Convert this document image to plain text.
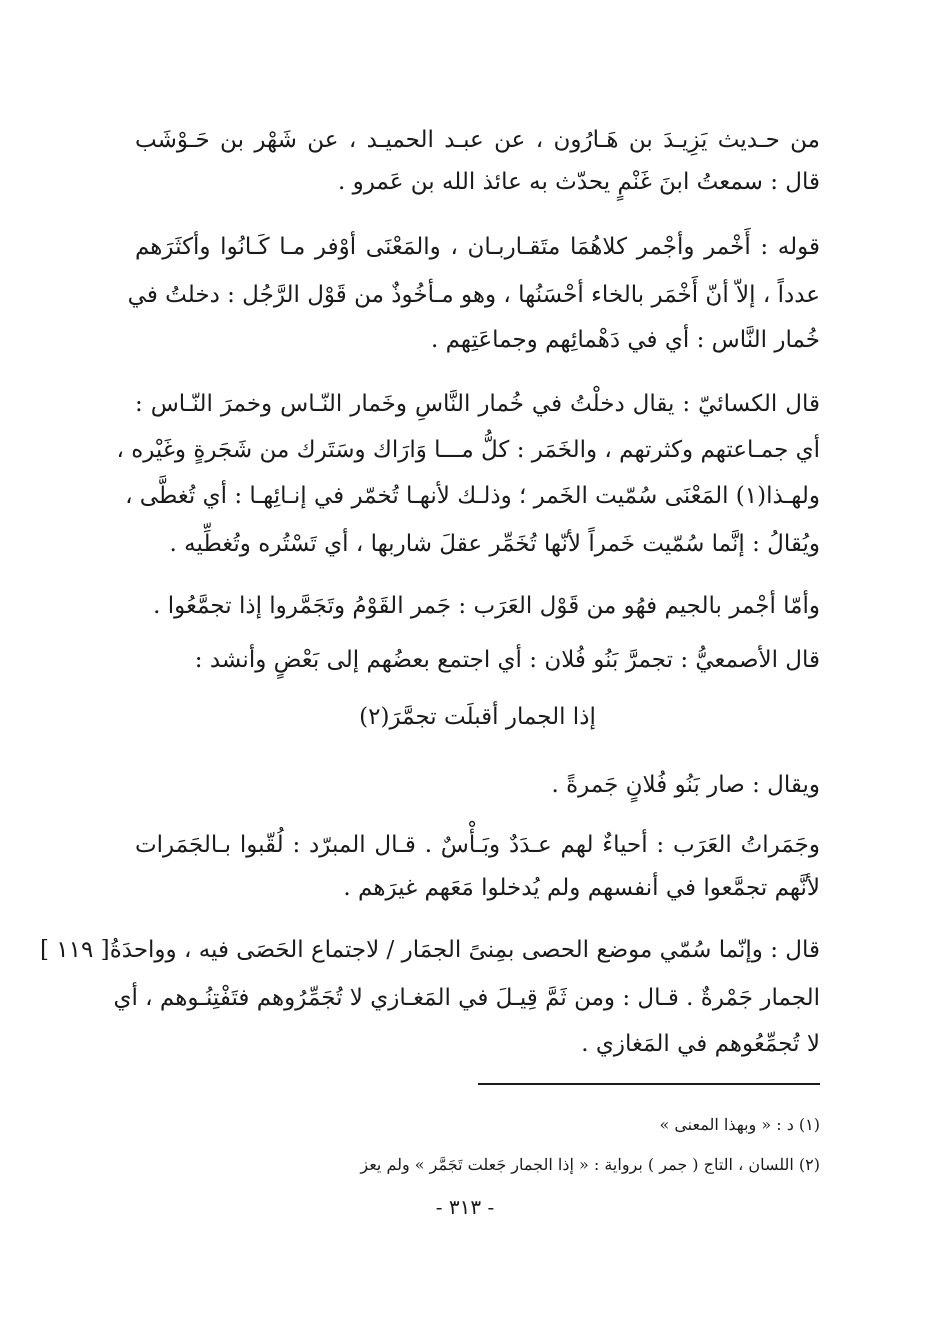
من حـديث يَزِيـدَ بن هَـارُون ، عن عبـد الحميـد ، عن شَهْر بن حَـوْشَب
قال : سمعتُ ابنَ غَنْمٍ يحدّث به عائذ الله بن عَمرو .
قوله : أَخْمر وأجْمر كلاهُمَا متَقـاربـان ، والمَعْنَى أوْفر مـا كَـانُوا وأكثَرَهم
عدداً ، إلاّ أنّ أَخْمَر بالخاء أحْسَنُها ، وهو مـأخُوذٌ من قَوْل الرَّجُل : دخلتُ في
خُمار النَّاس : أي في دَهْمائِهم وجماعَتِهم .
قال الكسائيّ : يقال دخلْتُ في خُمار النَّاسِ وخَمار النّـاس وخمرَ النّـاس :
أي جمـاعتهم وكثرتهم ، والخَمَر : كلُّ مـــا وَارَاك وسَتَرك من شَجَرةٍ وغَيْره ،
ولهـذا(١) المَعْنَى سُمّيت الخَمر ؛ وذلـك لأنهـا تُخمّر في إنـائِهـا : أي تُغطَّى ،
ويُقالُ : إنَّما سُمّيت خَمراً لأنّها تُخَمِّر عقلَ شاربها ، أي تَسْتُره وتُغطِّيه .
وأمّا أجْمر بالجيم فهُو من قَوْل العَرَب : جَمر القَوْمُ وتَجَمَّروا إذا تجمَّعُوا .
قال الأصمعيُّ : تجمرَّ بَنُو فُلان : أي اجتمع بعضُهم إلى بَعْضٍ وأنشد :
إذا الجمار أقبلَت تجمَّرَ(٢)
ويقال : صار بَنُو فُلانٍ جَمرةً .
وجَمَراتُ العَرَب : أحياءٌ لهم عـدَدٌ وبَـأْسٌ . قـال المبرّد : لُقّبوا بـالجَمَرات
لأنَّهم تجمَّعوا في أنفسهم ولم يُدخلوا مَعَهم غيرَهم .
قال : وإنّما سُمّي موضع الحصى بمِنىً الجمَار / لاجتماع الحَصَى فيه ، وواحدَةُ
[ ١١٩ ]
الجمار جَمْرةٌ . قـال : ومن ثَمَّ قِيـلَ في المَغـازي لا تُجَمِّرُوهم فتَفْتِنُـوهم ، أي
لا تُجمِّعُوهم في المَغازي .
(١) د : « وبهذا المعنى »
(٢) اللسان ، التاج ( جمر ) برواية : « إذا الجمار جَعلت تَجَمَّر » ولم يعز
- ٣١٣ -
